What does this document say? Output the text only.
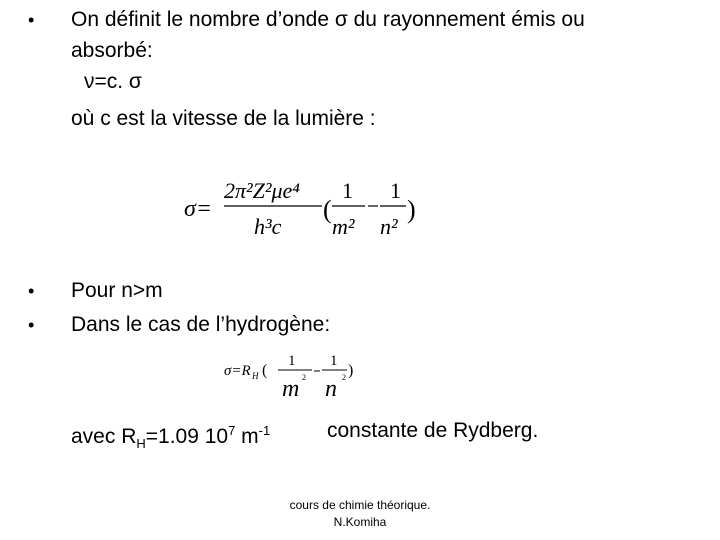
• On définit le nombre d’onde σ du rayonnement émis ou
absorbé:
ν=c. σ
où c est la vitesse de la lumière :
σ=
2π²Z²μe⁴
h³c
(
1
m²
1
n²
)
• Pour n>m
• Dans le cas de l’hydrogène:
σ=R H (
1
m 2
1
n 2 )
avec $R_H=1.09$ $10^7$ $m^{-1}$	constante de Rydberg.
cours de chimie théorique.
N.Komiha
